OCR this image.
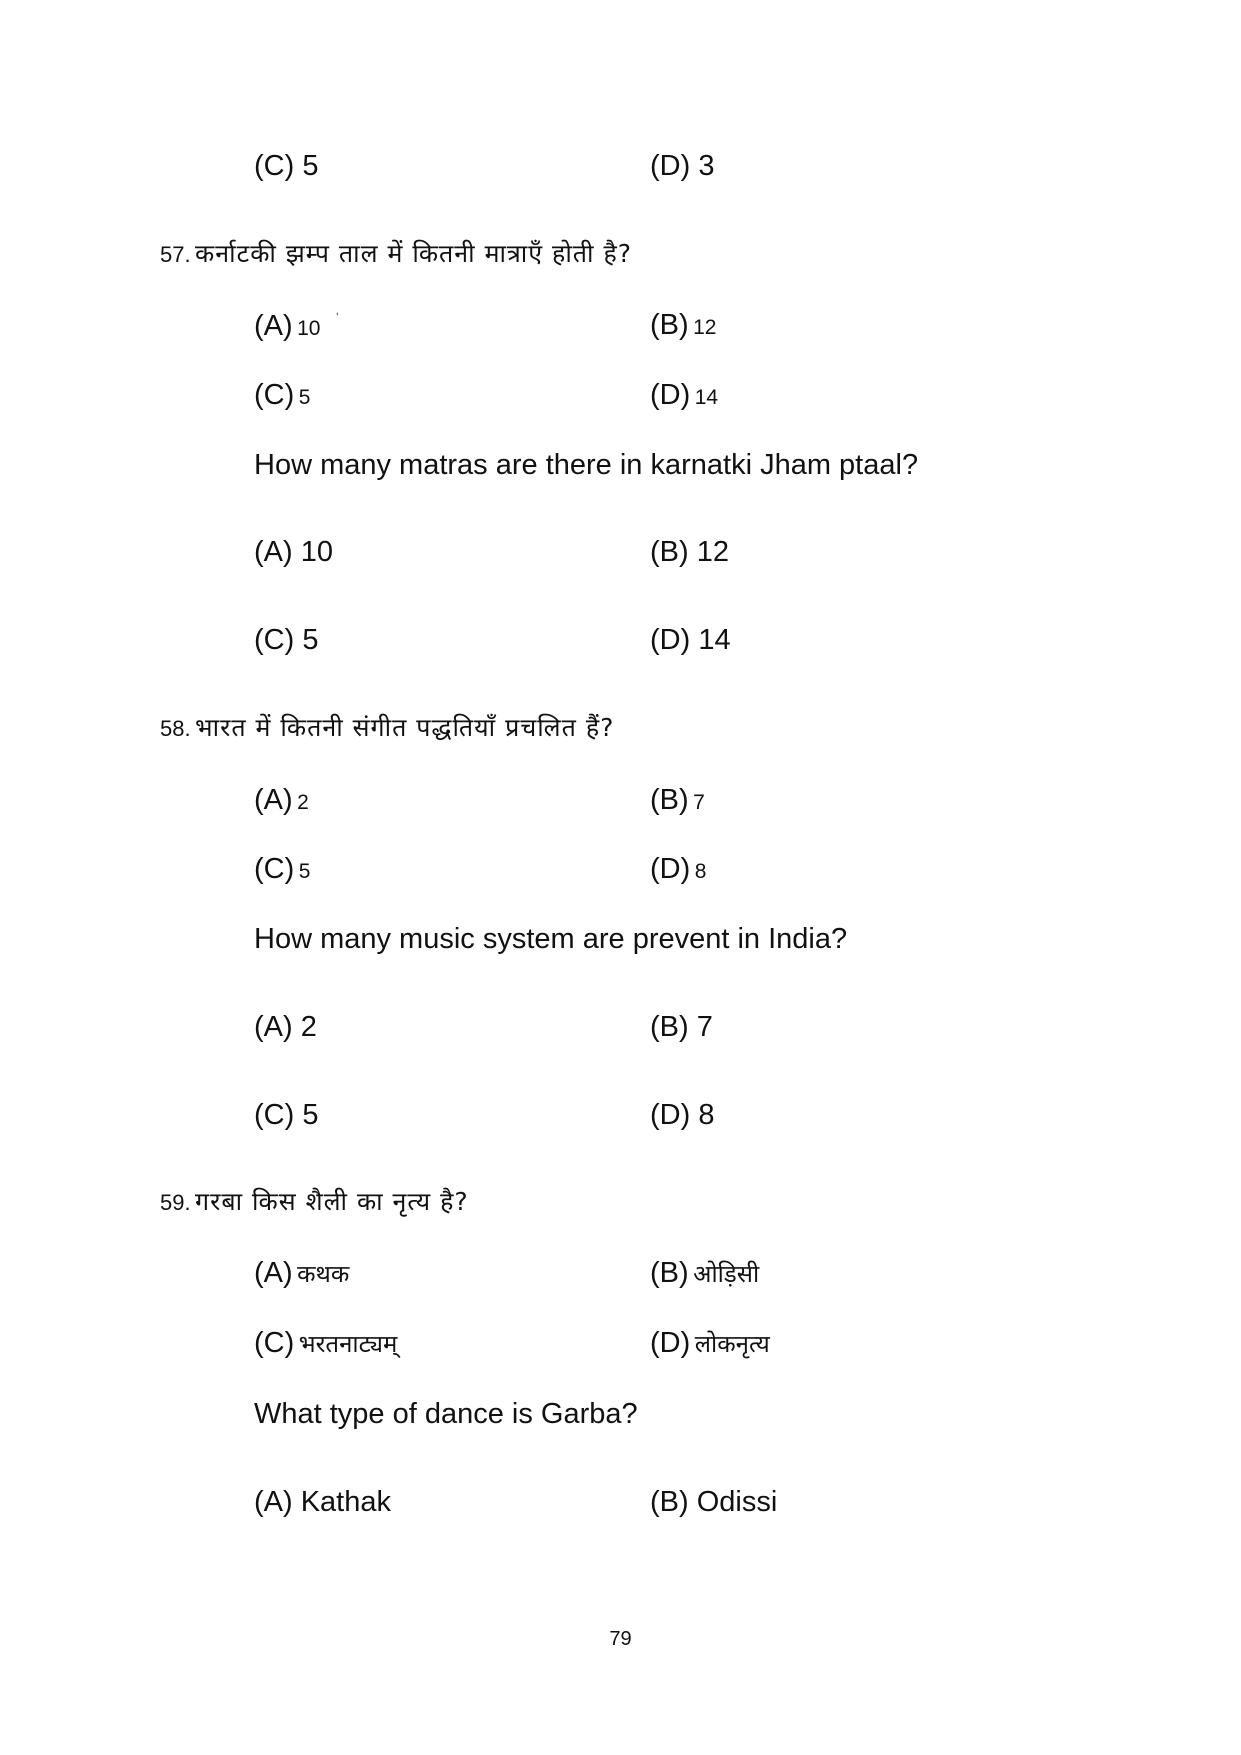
(C) 5	(D) 3
57. कर्नाटकी झम्प ताल में कितनी मात्राएँ होती है?
(A) 10 ʿ	(B) 12
(C) 5	(D) 14
How many matras are there in karnatki Jham ptaal?
(A) 10	(B) 12
(C) 5	(D) 14
58. भारत में कितनी संगीत पद्धतियाँ प्रचलित हैं?
(A) 2	(B) 7
(C) 5	(D) 8
How many music system are prevent in India?
(A) 2	(B) 7
(C) 5	(D) 8
59. गरबा किस शैली का नृत्य है?
(A) कथक	(B) ओड़िसी
(C) भरतनाट्यम्	(D) लोकनृत्य
What type of dance is Garba?
(A) Kathak	(B) Odissi
79
